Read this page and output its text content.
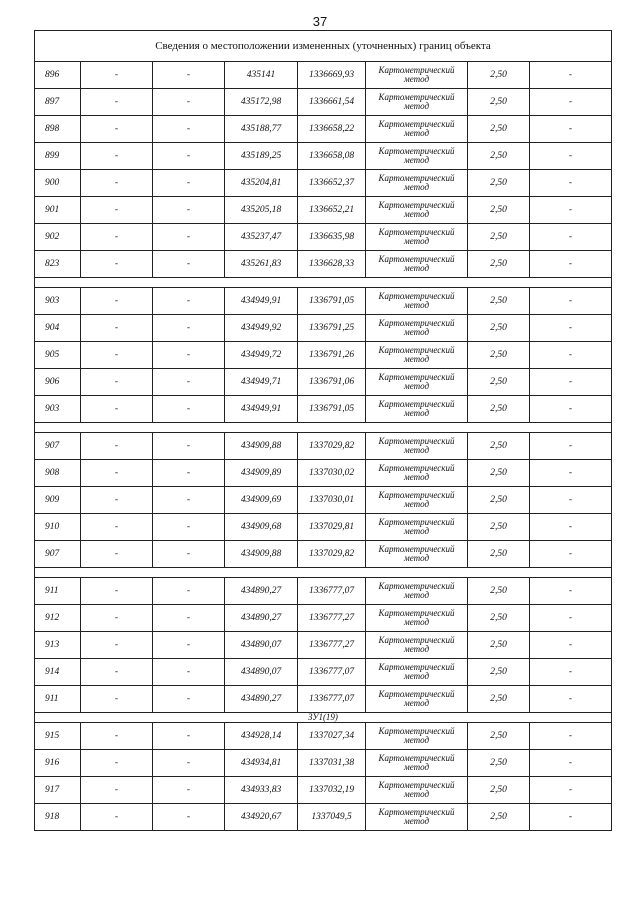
37
Сведения о местоположении измененных (уточненных) границ объекта							
896	-	-	435141	1336669,93	Картометрический метод	2,50	-
897	-	-	435172,98	1336661,54	Картометрический метод	2,50	-
898	-	-	435188,77	1336658,22	Картометрический метод	2,50	-
899	-	-	435189,25	1336658,08	Картометрический метод	2,50	-
900	-	-	435204,81	1336652,37	Картометрический метод	2,50	-
901	-	-	435205,18	1336652,21	Картометрический метод	2,50	-
902	-	-	435237,47	1336635,98	Картометрический метод	2,50	-
823	-	-	435261,83	1336628,33	Картометрический метод	2,50	-

903	-	-	434949,91	1336791,05	Картометрический метод	2,50	-
904	-	-	434949,92	1336791,25	Картометрический метод	2,50	-
905	-	-	434949,72	1336791,26	Картометрический метод	2,50	-
906	-	-	434949,71	1336791,06	Картометрический метод	2,50	-
903	-	-	434949,91	1336791,05	Картометрический метод	2,50	-

907	-	-	434909,88	1337029,82	Картометрический метод	2,50	-
908	-	-	434909,89	1337030,02	Картометрический метод	2,50	-
909	-	-	434909,69	1337030,01	Картометрический метод	2,50	-
910	-	-	434909,68	1337029,81	Картометрический метод	2,50	-
907	-	-	434909,88	1337029,82	Картометрический метод	2,50	-

911	-	-	434890,27	1336777,07	Картометрический метод	2,50	-
912	-	-	434890,27	1336777,27	Картометрический метод	2,50	-
913	-	-	434890,07	1336777,27	Картометрический метод	2,50	-
914	-	-	434890,07	1336777,07	Картометрический метод	2,50	-
911	-	-	434890,27	1336777,07	Картометрический метод	2,50	-
ЗУ1(19)							
915	-	-	434928,14	1337027,34	Картометрический метод	2,50	-
916	-	-	434934,81	1337031,38	Картометрический метод	2,50	-
917	-	-	434933,83	1337032,19	Картометрический метод	2,50	-
918	-	-	434920,67	1337049,5	Картометрический метод	2,50	-
